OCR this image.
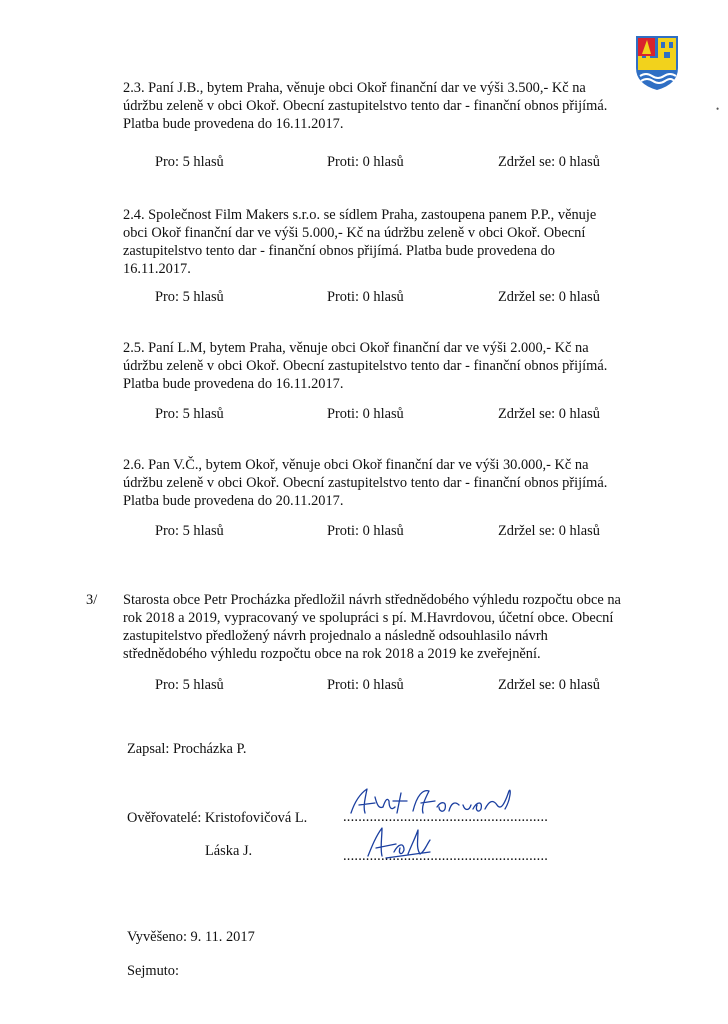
•

2.3. Paní J.B., bytem Praha, věnuje obci Okoř finanční dar ve výši 3.500,- Kč na údržbu zeleně v obci Okoř. Obecní zastupitelstvo tento dar - finanční obnos přijímá. Platba bude provedena do 16.11.2017.

Pro: 5 hlasů	Proti: 0 hlasů	Zdržel se: 0 hlasů

2.4. Společnost Film Makers s.r.o. se sídlem Praha, zastoupena panem P.P., věnuje obci Okoř finanční dar ve výši 5.000,- Kč na údržbu zeleně v obci Okoř. Obecní zastupitelstvo tento dar - finanční obnos přijímá. Platba bude provedena do 16.11.2017.

Pro: 5 hlasů	Proti: 0 hlasů	Zdržel se: 0 hlasů

2.5. Paní L.M, bytem Praha, věnuje obci Okoř finanční dar ve výši 2.000,- Kč na údržbu zeleně v obci Okoř. Obecní zastupitelstvo tento dar - finanční obnos přijímá. Platba bude provedena do 16.11.2017.

Pro: 5 hlasů	Proti: 0 hlasů	Zdržel se: 0 hlasů

2.6. Pan V.Č., bytem Okoř, věnuje obci Okoř finanční dar ve výši 30.000,- Kč na údržbu zeleně v obci Okoř. Obecní zastupitelstvo tento dar - finanční obnos přijímá. Platba bude provedena do 20.11.2017.

Pro: 5 hlasů	Proti: 0 hlasů	Zdržel se: 0 hlasů
3/ Starosta obce Petr Procházka předložil návrh střednědobého výhledu rozpočtu obce na rok 2018 a 2019, vypracovaný ve spolupráci s pí. M.Havrdovou, účetní obce. Obecní zastupitelstvo předložený návrh projednalo a následně odsouhlasilo návrh střednědobého výhledu rozpočtu obce na rok 2018 a 2019 ke zveřejnění.

Pro: 5 hlasů	Proti: 0 hlasů	Zdržel se: 0 hlasů
Zapsal: Procházka P.
Ověřovatelé: Kristofovičová L. ......................................................
Láska J.	......................................................
Vyvěšeno: 9. 11. 2017
Sejmuto:
